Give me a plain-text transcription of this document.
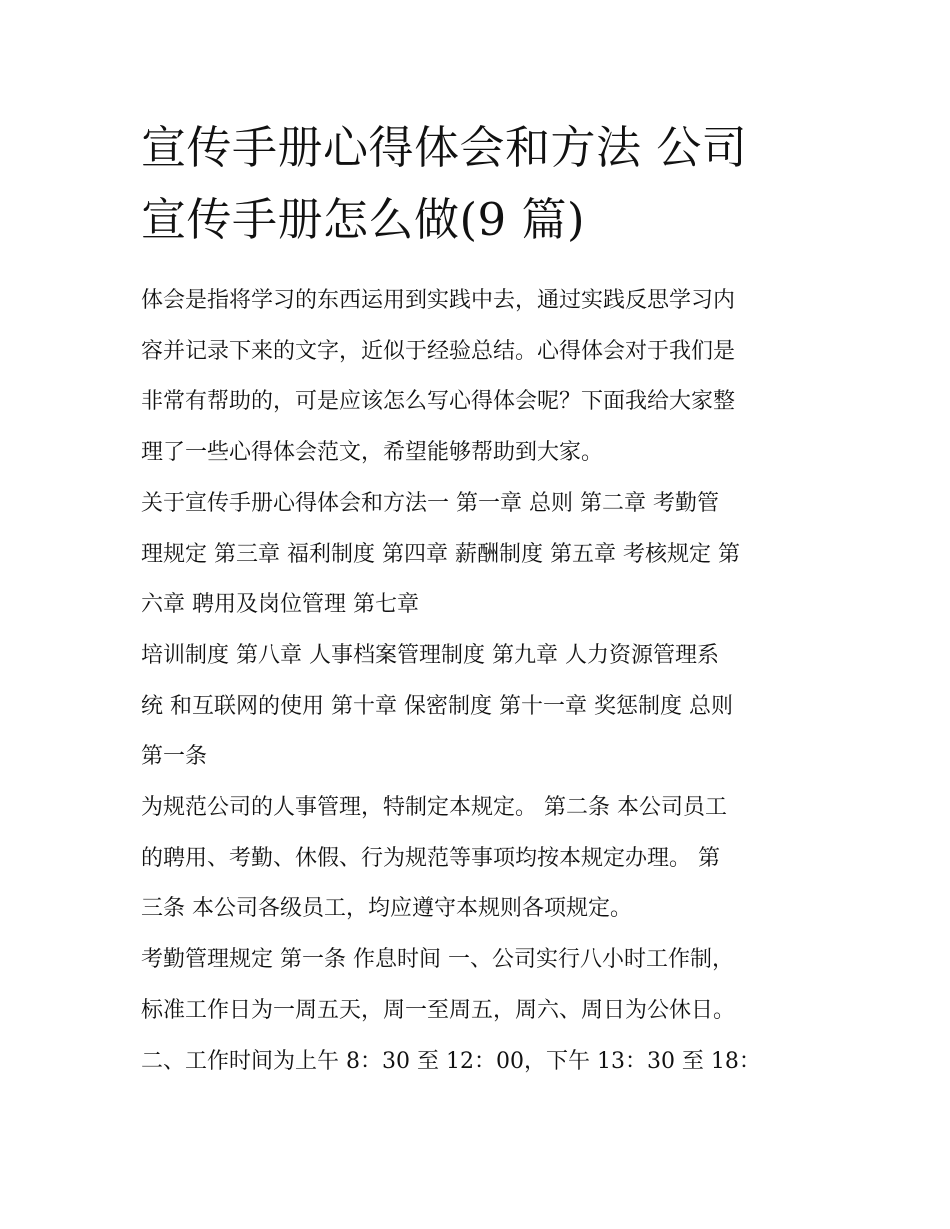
宣传手册心得体会和方法 公司
宣传手册怎么做(9 篇)

体会是指将学习的东西运用到实践中去，通过实践反思学习内
容并记录下来的文字，近似于经验总结。心得体会对于我们是
非常有帮助的，可是应该怎么写心得体会呢？下面我给大家整
理了一些心得体会范文，希望能够帮助到大家。

关于宣传手册心得体会和方法一 第一章 总则 第二章 考勤管
理规定 第三章 福利制度 第四章 薪酬制度 第五章 考核规定 第
六章 聘用及岗位管理 第七章

培训制度 第八章 人事档案管理制度 第九章 人力资源管理系
统 和互联网的使用 第十章 保密制度 第十一章 奖惩制度 总则
第一条

为规范公司的人事管理，特制定本规定。 第二条 本公司员工
的聘用、考勤、休假、行为规范等事项均按本规定办理。 第
三条 本公司各级员工，均应遵守本规则各项规定。

考勤管理规定 第一条 作息时间 一、公司实行八小时工作制，
标准工作日为一周五天，周一至周五，周六、周日为公休日。
二、工作时间为上午 8：30 至 12：00，下午 13：30 至 18：
